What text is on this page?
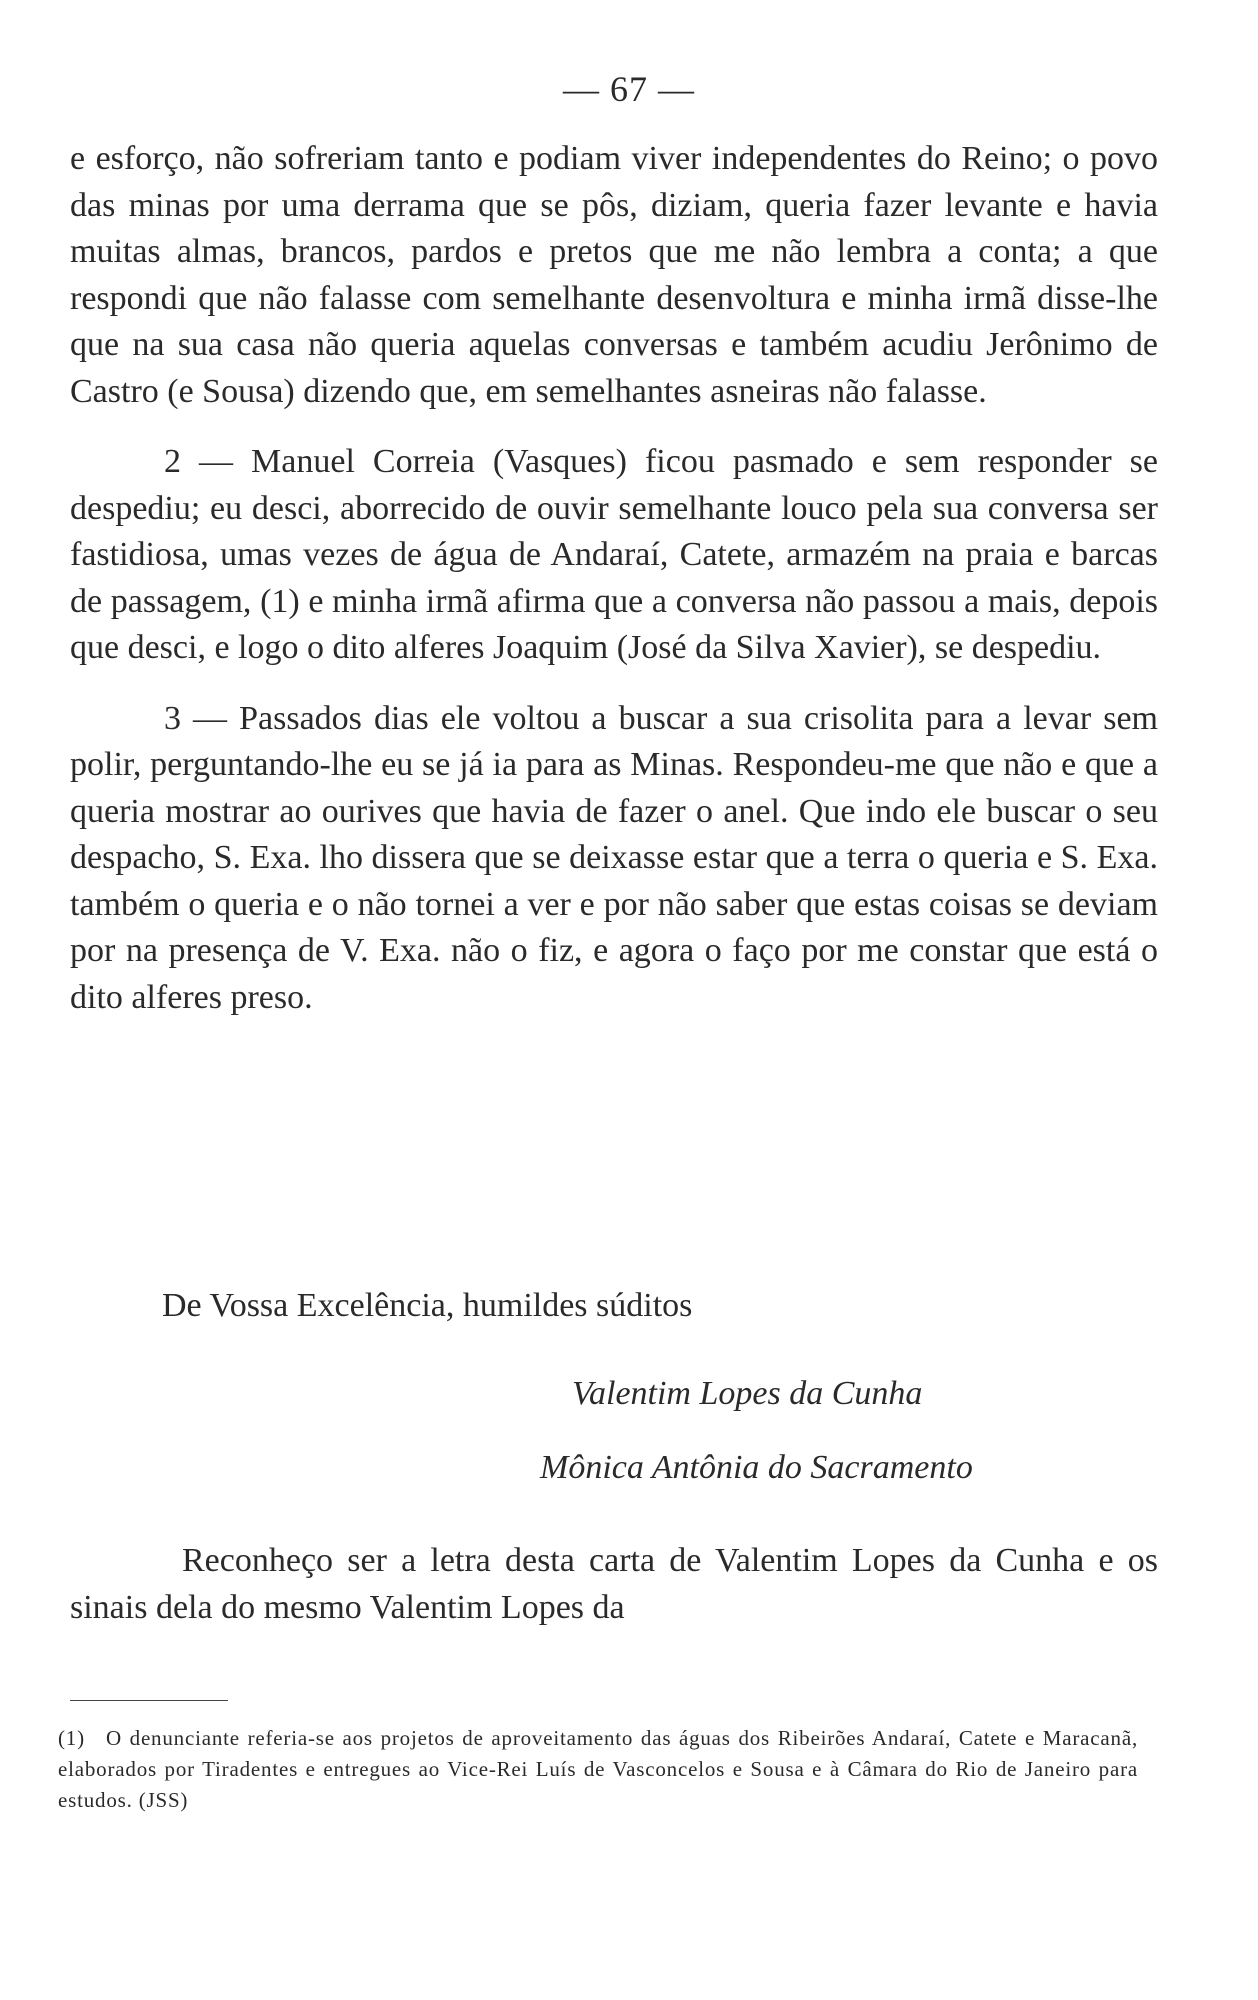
— 67 —

e esforço, não sofreriam tanto e podiam viver independentes do Reino; o povo das minas por uma derrama que se pôs, diziam, queria fazer levante e havia muitas almas, brancos, pardos e pretos que me não lembra a conta; a que respondi que não falasse com semelhante desenvoltura e minha irmã disse-lhe que na sua casa não queria aquelas conversas e também acudiu Jerônimo de Castro (e Sousa) dizendo que, em semelhantes asneiras não falasse.

2 — Manuel Correia (Vasques) ficou pasmado e sem responder se despediu; eu desci, aborrecido de ouvir semelhante louco pela sua conversa ser fastidiosa, umas vezes de água de Andaraí, Catete, armazém na praia e barcas de passagem, (1) e minha irmã afirma que a conversa não passou a mais, depois que desci, e logo o dito alferes Joaquim (José da Silva Xavier), se despediu.

3 — Passados dias ele voltou a buscar a sua crisolita para a levar sem polir, perguntando-lhe eu se já ia para as Minas. Respondeu-me que não e que a queria mostrar ao ourives que havia de fazer o anel. Que indo ele buscar o seu despacho, S. Exa. lho dissera que se deixasse estar que a terra o queria e S. Exa. também o queria e o não tornei a ver e por não saber que estas coisas se deviam por na presença de V. Exa. não o fiz, e agora o faço por me constar que está o dito alferes preso.

De Vossa Excelência, humildes súditos
Valentim Lopes da Cunha
Mônica Antônia do Sacramento

Reconheço ser a letra desta carta de Valentim Lopes da Cunha e os sinais dela do mesmo Valentim Lopes da

(1) O denunciante referia-se aos projetos de aproveitamento das águas dos Ribeirões Andaraí, Catete e Maracanã, elaborados por Tiradentes e entregues ao Vice-Rei Luís de Vasconcelos e Sousa e à Câmara do Rio de Janeiro para estudos. (JSS)
